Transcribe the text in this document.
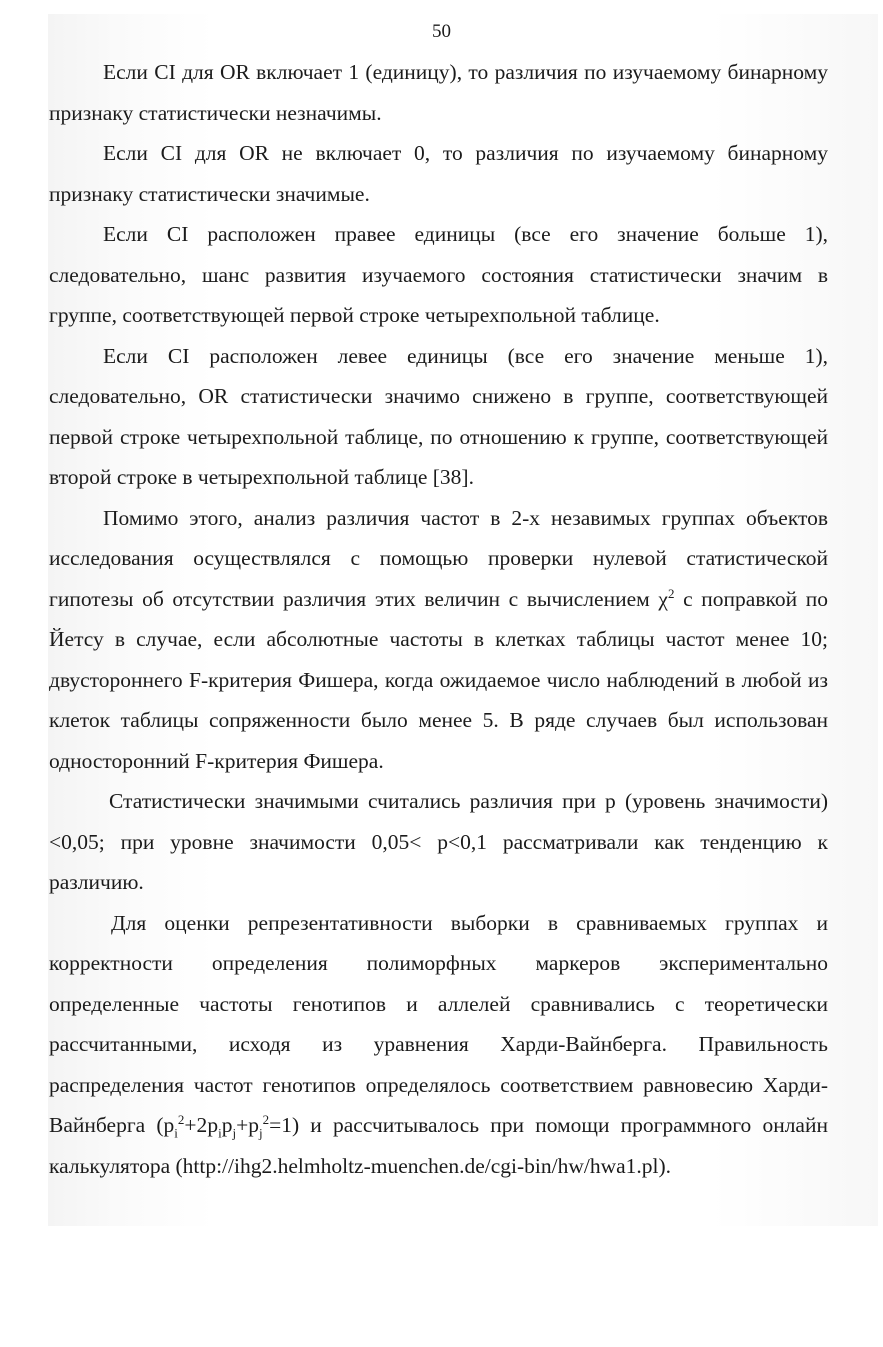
50

Если CI для OR включает 1 (единицу), то различия по изучаемому бинарному признаку статистически незначимы.

Если CI для OR не включает 0, то различия по изучаемому бинарному признаку статистически значимые.

Если CI расположен правее единицы (все его значение больше 1), следовательно, шанс развития изучаемого состояния статистически значим в группе, соответствующей первой строке четырехпольной таблице.

Если CI расположен левее единицы (все его значение меньше 1), следовательно, OR статистически значимо снижено в группе, соответствующей первой строке четырехпольной таблице, по отношению к группе, соответствующей второй строке в четырехпольной таблице [38].

Помимо этого, анализ различия частот в 2-х незавимых группах объектов исследования осуществлялся с помощью проверки нулевой статистической гипотезы об отсутствии различия этих величин с вычислением $\chi^2$ с поправкой по Йетсу в случае, если абсолютные частоты в клетках таблицы частот менее 10; двустороннего F-критерия Фишера, когда ожидаемое число наблюдений в любой из клеток таблицы сопряженности было менее 5. В ряде случаев был использован односторонний F-критерия Фишера.

Статистически значимыми считались различия при р (уровень значимости)<0,05; при уровне значимости 0,05< р<0,1 рассматривали как тенденцию к различию.

Для оценки репрезентативности выборки в сравниваемых группах и корректности определения полиморфных маркеров экспериментально определенные частоты генотипов и аллелей сравнивались с теоретически рассчитанными, исходя из уравнения Харди-Вайнберга. Правильность распределения частот генотипов определялось соответствием равновесию Харди-Вайнберга $(p_i^2+2p_ip_j+p_j^2=1)$ и рассчитывалось при помощи программного онлайн калькулятора (http://ihg2.helmholtz-muenchen.de/cgi-bin/hw/hwa1.pl).
